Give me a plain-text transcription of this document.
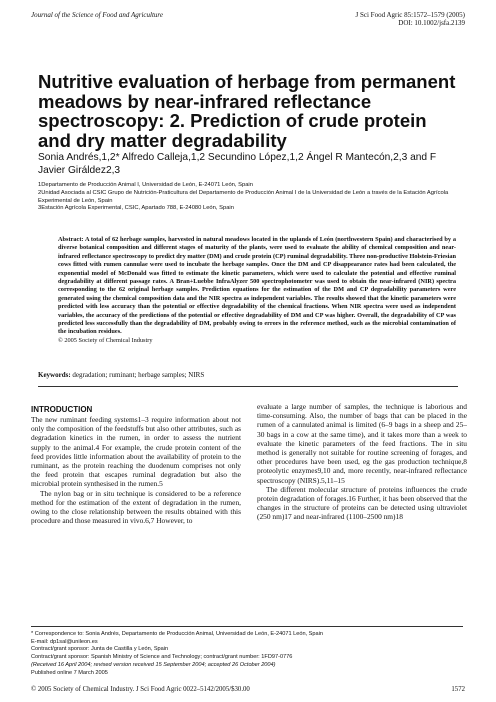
Journal of the Science of Food and Agriculture	J Sci Food Agric 85:1572–1579 (2005)
DOI: 10.1002/jsfa.2139
Nutritive evaluation of herbage from permanent meadows by near-infrared reflectance spectroscopy: 2. Prediction of crude protein and dry matter degradability
Sonia Andrés,1,2* Alfredo Calleja,1,2 Secundino López,1,2 Ángel R Mantecón,2,3 and F Javier Giráldez2,3
1Departamento de Producción Animal I, Universidad de León, E-24071 León, Spain
2Unidad Asociada al CSIC Grupo de Nutrición-Praticultura del Departamento de Producción Animal I de la Universidad de León a través de la Estación Agrícola Experimental de León, Spain
3Estación Agrícola Experimental, CSIC, Apartado 788, E-24080 León, Spain
Abstract: A total of 62 herbage samples, harvested in natural meadows located in the uplands of León (northwestern Spain) and characterised by a diverse botanical composition and different stages of maturity of the plants, were used to evaluate the ability of chemical composition and near-infrared reflectance spectroscopy to predict dry matter (DM) and crude protein (CP) ruminal degradability. Three non-productive Holstein-Friesian cows fitted with rumen cannulae were used to incubate the herbage samples. Once the DM and CP disappearance rates had been calculated, the exponential model of McDonald was fitted to estimate the kinetic parameters, which were used to calculate the potential and effective ruminal degradability at different passage rates. A Bran+Luebbe InfraAlyzer 500 spectrophotometer was used to obtain the near-infrared (NIR) spectra corresponding to the 62 original herbage samples. Prediction equations for the estimation of the DM and CP degradability parameters were generated using the chemical composition data and the NIR spectra as independent variables. The results showed that the kinetic parameters were predicted with less accuracy than the potential or effective degradability of the chemical fractions. When NIR spectra were used as independent variables, the accuracy of the predictions of the potential or effective degradability of DM and CP was higher. Overall, the degradability of CP was predicted less successfully than the degradability of DM, probably owing to errors in the reference method, such as the microbial contamination of the incubation residues.
© 2005 Society of Chemical Industry
Keywords: degradation; ruminant; herbage samples; NIRS
INTRODUCTION

The new ruminant feeding systems1–3 require information about not only the composition of the feedstuffs but also other attributes, such as degradation kinetics in the rumen, in order to assess the nutrient supply to the animal.4 For example, the crude protein content of the feed provides little information about the availability of protein to the ruminant, as the protein reaching the duodenum comprises not only the feed protein that escapes ruminal degradation but also the microbial protein synthesised in the rumen.5

The nylon bag or in situ technique is considered to be a reference method for the estimation of the extent of degradation in the rumen, owing to the close relationship between the results obtained with this procedure and those measured in vivo.6,7 However, to

evaluate a large number of samples, the technique is laborious and time-consuming. Also, the number of bags that can be placed in the rumen of a cannulated animal is limited (6–9 bags in a sheep and 25–30 bags in a cow at the same time), and it takes more than a week to evaluate the kinetic parameters of the feed fractions. The in situ method is generally not suitable for routine screening of forages, and other procedures have been used, eg the gas production technique,8 proteolytic enzymes9,10 and, more recently, near-infrared reflectance spectroscopy (NIRS).5,11–15

The different molecular structure of proteins influences the crude protein degradation of forages.16 Further, it has been observed that the changes in the structure of proteins can be detected using ultraviolet (250 nm)17 and near-infrared (1100–2500 nm)18

* Correspondence to: Sonia Andrés, Departamento de Producción Animal, Universidad de León, E-24071 León, Spain
E-mail: dp1sal@unileon.es
Contract/grant sponsor: Junta de Castilla y León, Spain
Contract/grant sponsor: Spanish Ministry of Science and Technology; contract/grant number: 1FD97-0776
(Received 16 April 2004; revised version received 15 September 2004; accepted 26 October 2004)
Published online 7 March 2005
© 2005 Society of Chemical Industry. J Sci Food Agric 0022–5142/2005/$30.00	1572
